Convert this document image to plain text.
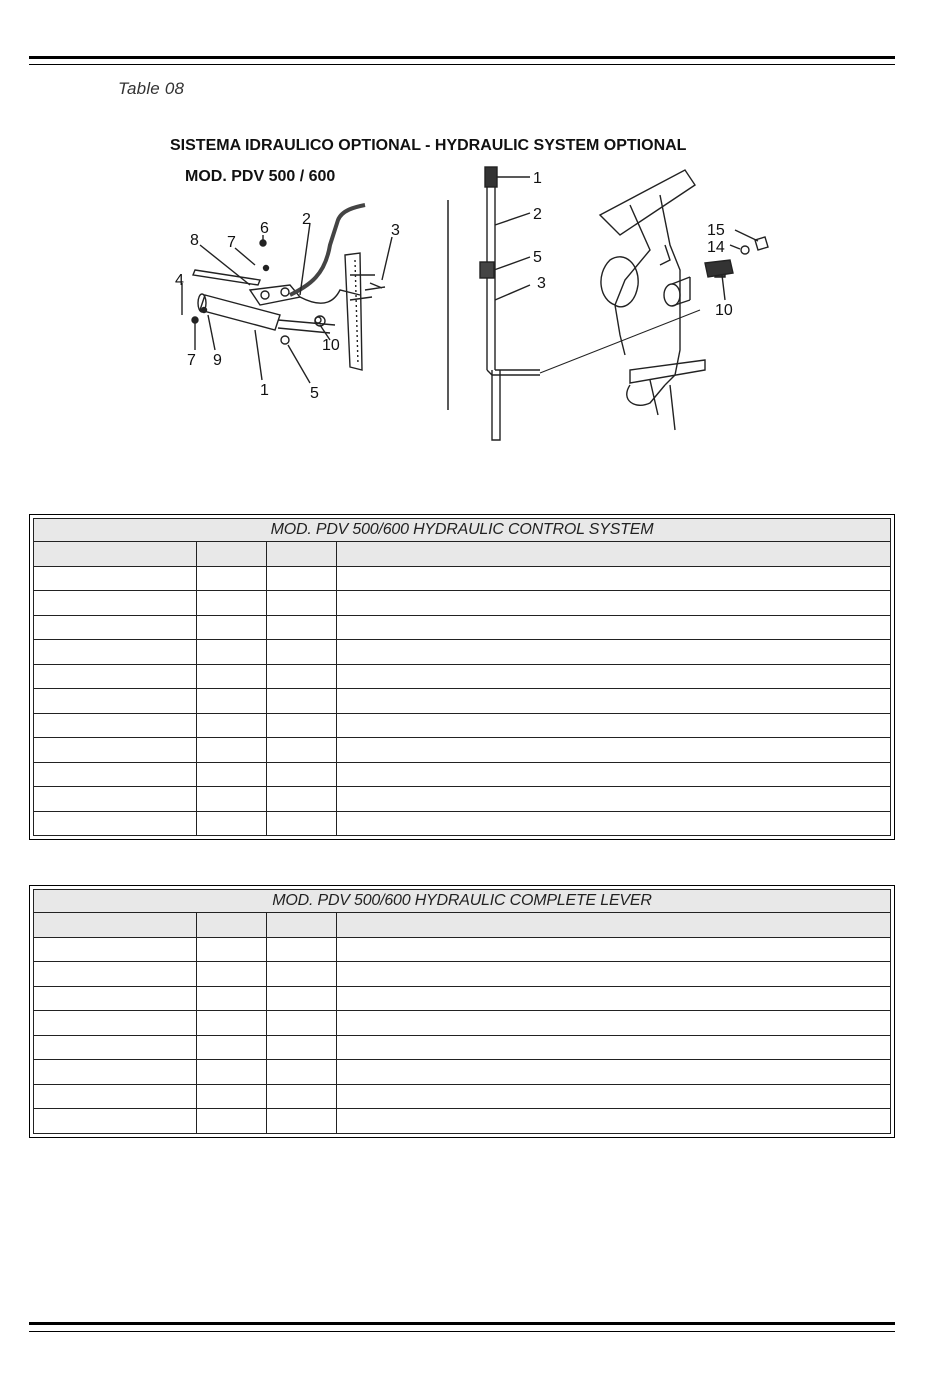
Table 08
SISTEMA IDRAULICO OPTIONAL - HYDRAULIC SYSTEM OPTIONAL
MOD. PDV 500 / 600
8 7
6
2
3
4
7 9
1	5
10
1
2
5
3
15
14
10
MOD. PDV 500/600 HYDRAULIC CONTROL SYSTEM			

MOD. PDV 500/600 HYDRAULIC COMPLETE LEVER			
